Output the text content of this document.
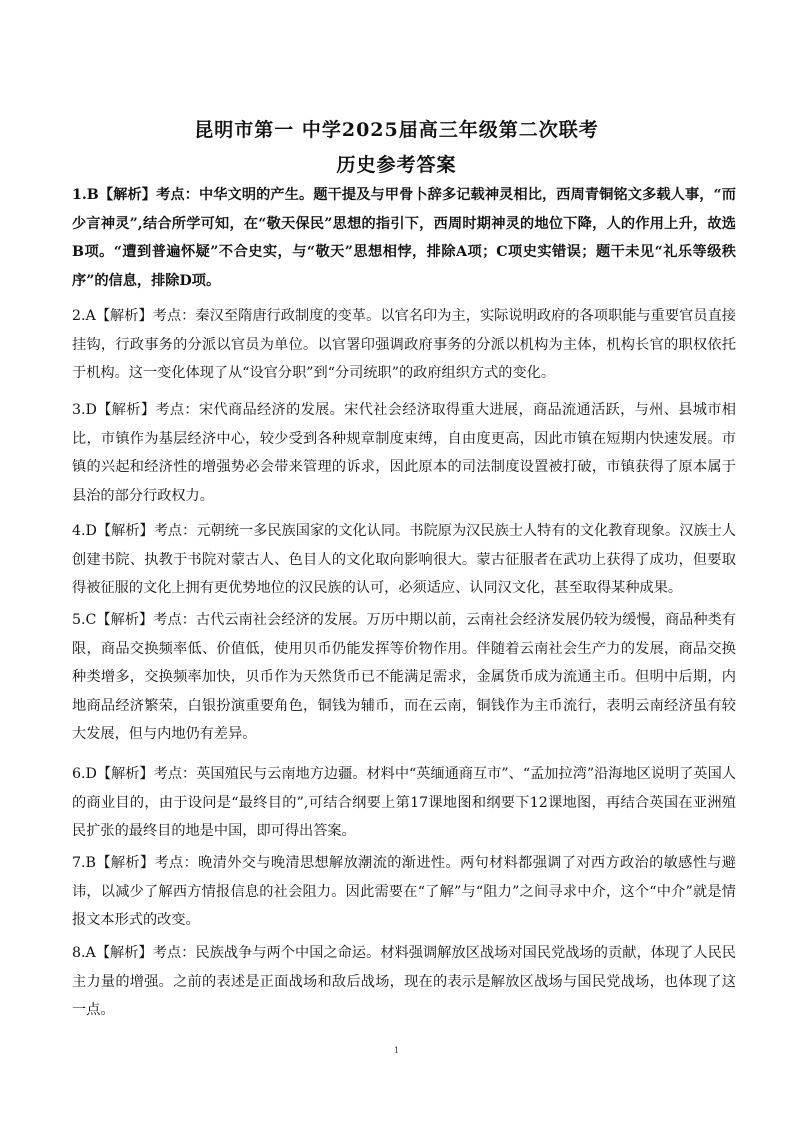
昆明市第一 中学2025届高三年级第二次联考
历史参考答案
1.B【解析】考点：中华文明的产生。题干提及与甲骨卜辞多记载神灵相比，西周青铜铭文多载人事，“而少言神灵”,结合所学可知，在“敬天保民”思想的指引下，西周时期神灵的地位下降，人的作用上升，故选B项。“遭到普遍怀疑”不合史实，与“敬天”思想相悖，排除A项；C项史实错误；题干未见“礼乐等级秩序”的信息，排除D项。
2.A【解析】考点：秦汉至隋唐行政制度的变革。以官名印为主，实际说明政府的各项职能与重要官员直接挂钩，行政事务的分派以官员为单位。以官署印强调政府事务的分派以机构为主体，机构长官的职权依托于机构。这一变化体现了从“设官分职”到“分司统职”的政府组织方式的变化。
3.D【解析】考点：宋代商品经济的发展。宋代社会经济取得重大进展，商品流通活跃，与州、县城市相比，市镇作为基层经济中心，较少受到各种规章制度束缚，自由度更高，因此市镇在短期内快速发展。市镇的兴起和经济性的增强势必会带来管理的诉求，因此原本的司法制度设置被打破，市镇获得了原本属于县治的部分行政权力。
4.D【解析】考点：元朝统一多民族国家的文化认同。书院原为汉民族士人特有的文化教育现象。汉族士人创建书院、执教于书院对蒙古人、色目人的文化取向影响很大。蒙古征服者在武功上获得了成功，但要取得被征服的文化上拥有更优势地位的汉民族的认可，必须适应、认同汉文化，甚至取得某种成果。
5.C【解析】考点：古代云南社会经济的发展。万历中期以前，云南社会经济发展仍较为缓慢，商品种类有限，商品交换频率低、价值低，使用贝币仍能发挥等价物作用。伴随着云南社会生产力的发展，商品交换种类增多，交换频率加快，贝币作为天然货币已不能满足需求，金属货币成为流通主币。但明中后期，内地商品经济繁荣，白银扮演重要角色，铜钱为辅币，而在云南，铜钱作为主币流行，表明云南经济虽有较大发展，但与内地仍有差异。
6.D【解析】考点：英国殖民与云南地方边疆。材料中“英缅通商互市”、“孟加拉湾”沿海地区说明了英国人的商业目的，由于设问是“最终目的”,可结合纲要上第17课地图和纲要下12课地图，再结合英国在亚洲殖民扩张的最终目的地是中国，即可得出答案。
7.B【解析】考点：晚清外交与晚清思想解放潮流的渐进性。两句材料都强调了对西方政治的敏感性与避讳，以减少了解西方情报信息的社会阻力。因此需要在“了解”与“阻力”之间寻求中介，这个“中介”就是情报文本形式的改变。
8.A【解析】考点：民族战争与两个中国之命运。材料强调解放区战场对国民党战场的贡献，体现了人民民主力量的增强。之前的表述是正面战场和敌后战场，现在的表示是解放区战场与国民党战场，也体现了这一点。
1
